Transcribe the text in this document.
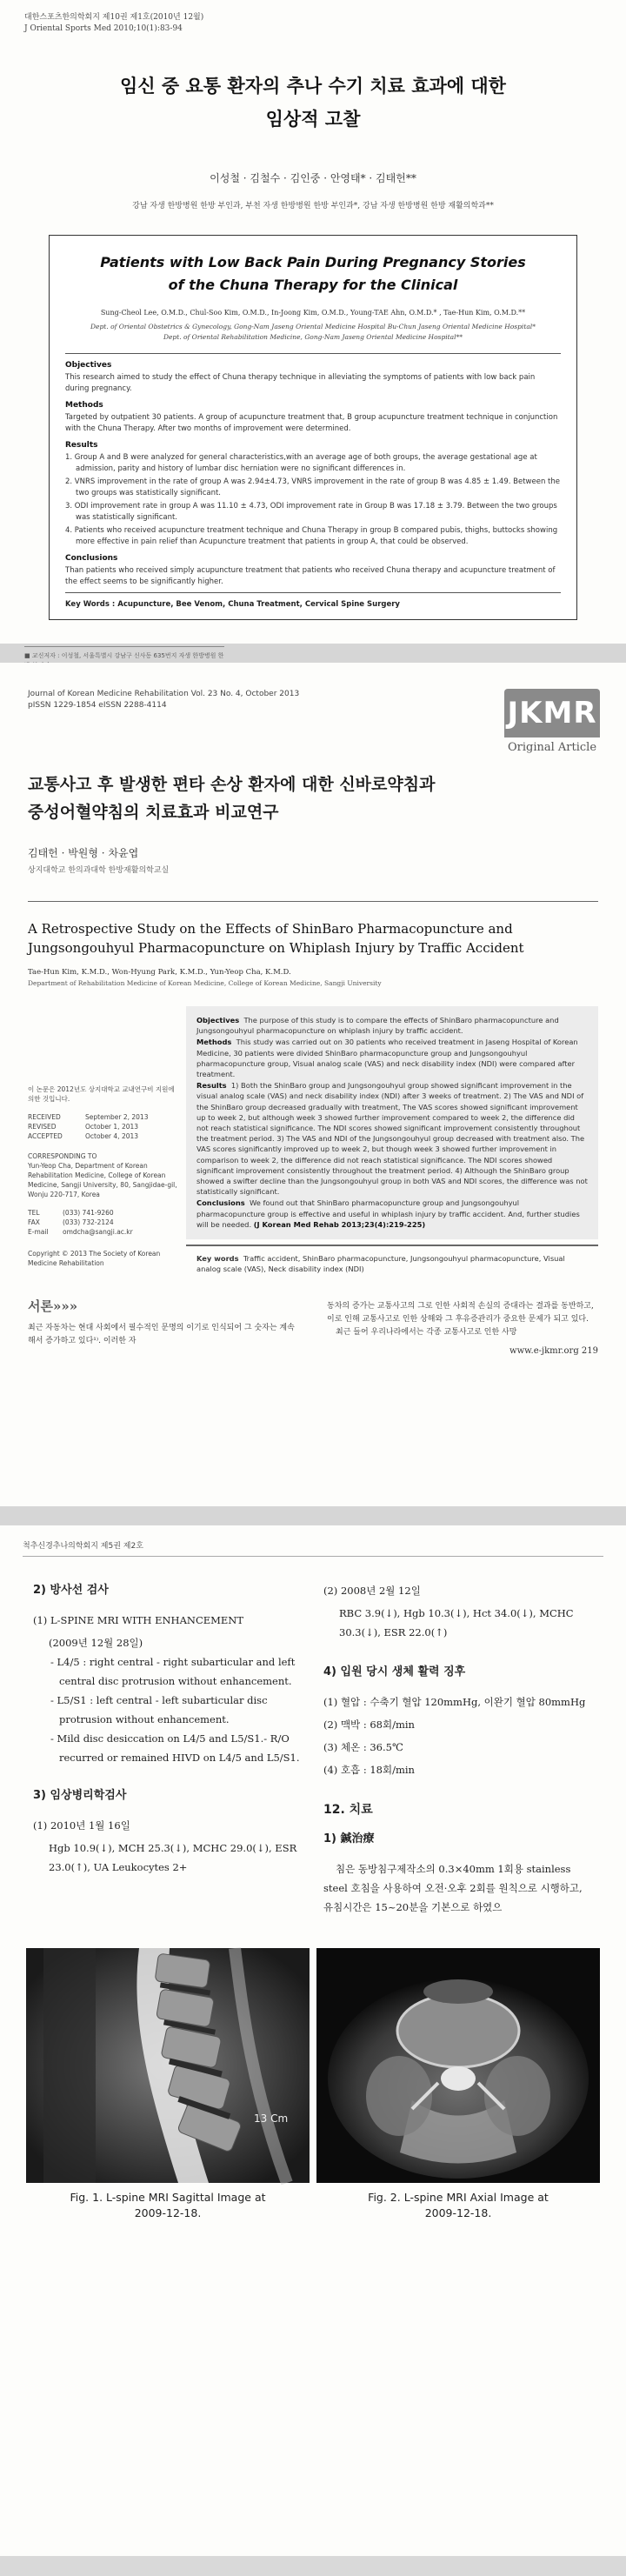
대한스포츠한의학회지 제10권 제1호(2010년 12월)
J Oriental Sports Med 2010;10(1):83-94
임신 중 요통 환자의 추나 수기 치료 효과에 대한
임상적 고찰
이성철 · 김철수 · 김인중 · 안영태* · 김태헌**
강남 자생 한방병원 한방 부인과, 부천 자생 한방병원 한방 부인과*, 강남 자생 한방병원 한방 재활의학과**
Patients with Low Back Pain During Pregnancy Stories
of the Chuna Therapy for the Clinical
Sung-Cheol Lee, O.M.D., Chul-Soo Kim, O.M.D., In-Joong Kim, O.M.D., Young-TAE Ahn, O.M.D.* , Tae-Hun Kim, O.M.D.**
Dept. of Oriental Obstetrics & Gynecology, Gong-Nam Jaseng Oriental Medicine Hospital Bu-Chun Jaseng Oriental Medicine Hospital*
Dept. of Oriental Rehabilitation Medicine, Gong-Nam Jaseng Oriental Medicine Hospital**
Objectives
This research aimed to study the effect of Chuna therapy technique in alleviating the symptoms of patients with low back pain during pregnancy.
Methods
Targeted by outpatient 30 patients. A group of acupuncture treatment that, B group acupuncture treatment technique in conjunction with the Chuna Therapy. After two months of improvement were determined.
Results
1. Group A and B were analyzed for general characteristics,with an average age of both groups, the average gestational age at admission, parity and history of lumbar disc herniation were no significant differences in.
2. VNRS improvement in the rate of group A was 2.94±4.73, VNRS improvement in the rate of group B was 4.85 ± 1.49. Between the two groups was statistically significant.
3. ODI improvement rate in group A was 11.10 ± 4.73, ODI improvement rate in Group B was 17.18 ± 3.79. Between the two groups was statistically significant.
4. Patients who received acupuncture treatment technique and Chuna Therapy in group B compared pubis, thighs, buttocks showing more effective in pain relief than Acupuncture treatment that patients in group A, that could be observed.
Conclusions
Than patients who received simply acupuncture treatment that patients who received Chuna therapy and acupuncture treatment of the effect seems to be significantly higher.
Key Words : Acupuncture, Bee Venom, Chuna Treatment, Cervical Spine Surgery
■ 교신저자 : 이성철, 서울특별시 강남구 신사동 635번지 자생 한방병원 한
Journal of Korean Medicine Rehabilitation Vol. 23 No. 4, October 2013
pISSN 1229-1854 eISSN 2288-4114	JKMR
Original Article
교통사고 후 발생한 편타 손상 환자에 대한 신바로약침과
중성어혈약침의 치료효과 비교연구
김태헌 · 박원형 · 차윤엽
상지대학교 한의과대학 한방재활의학교실
A Retrospective Study on the Effects of ShinBaro Pharmacopuncture and
Jungsongouhyul Pharmacopuncture on Whiplash Injury by Traffic Accident
Tae-Hun Kim, K.M.D., Won-Hyung Park, K.M.D., Yun-Yeop Cha, K.M.D.
Department of Rehabilitation Medicine of Korean Medicine, College of Korean Medicine, Sangji University
이 논문은 2012년도 상지대학교 교내연구비 지원에 의한 것입니다.
RECEIVED	September 2, 2013
REVISED	October 1, 2013
ACCEPTED	October 4, 2013
CORRESPONDING TO
Yun-Yeop Cha, Department of Korean Rehabilitation Medicine, College of Korean Medicine, Sangji University, 80, Sangjidae-gil, Wonju 220-717, Korea
TEL	(033) 741-9260
FAX	(033) 732-2124
E-mail	omdcha@sangji.ac.kr
Copyright © 2013 The Society of Korean Medicine Rehabilitation

Objectives The purpose of this study is to compare the effects of ShinBaro pharmacopuncture and Jungsongouhyul pharmacopuncture on whiplash injury by traffic accident.

Methods This study was carried out on 30 patients who received treatment in Jaseng Hospital of Korean Medicine, 30 patients were divided ShinBaro pharmacopuncture group and Jungsongouhyul pharmacopuncture group, Visual analog scale (VAS) and neck disability index (NDI) were compared after treatment.

Results 1) Both the ShinBaro group and Jungsongouhyul group showed significant improvement in the visual analog scale (VAS) and neck disability index (NDI) after 3 weeks of treatment. 2) The VAS and NDI of the ShinBaro group decreased gradually with treatment, The VAS scores showed significant improvement up to week 2, but although week 3 showed further improvement compared to week 2, the difference did not reach statistical significance. The NDI scores showed significant improvement consistently throughout the treatment period. 3) The VAS and NDI of the Jungsongouhyul group decreased with treatment also. The VAS scores significantly improved up to week 2, but though week 3 showed further improvement in comparison to week 2, the difference did not reach statistical significance. The NDI scores showed significant improvement consistently throughout the treatment period. 4) Although the ShinBaro group showed a swifter decline than the Jungsongouhyul group in both VAS and NDI scores, the difference was not statistically significant.

Conclusions We found out that ShinBaro pharmacopuncture group and Jungsongouhyul pharmacopuncture group is effective and useful in whiplash injury by traffic accident. And, further studies will be needed. (J Korean Med Rehab 2013;23(4):219-225)

Key words Traffic accident, ShinBaro pharmacopuncture, Jungsongouhyul pharmacopuncture, Visual analog scale (VAS), Neck disability index (NDI)
서론»»»
최근 자동차는 현대 사회에서 필수적인 문명의 이기로 인식되어 그 숫자는 계속해서 증가하고 있다¹⁾. 이러한 자
동차의 증가는 교통사고의 그로 인한 사회적 손실의 증대라는 결과를 동반하고, 이로 인해 교통사고로 인한 상해와 그 후유증관리가 중요한 문제가 되고 있다.
최근 들어 우리나라에서는 각종 교통사고로 인한 사망
www.e-jkmr.org 219
척추신경추나의학회지 제5권 제2호
2) 방사선 검사
(1) L-SPINE MRI WITH ENHANCEMENT
(2009년 12월 28일)
- L4/5 : right central - right subarticular and left central disc protrusion without enhancement.
- L5/S1 : left central - left subarticular disc protrusion without enhancement.
- Mild disc desiccation on L4/5 and L5/S1.- R/O recurred or remained HIVD on L4/5 and L5/S1.
3) 임상병리학검사
(1) 2010년 1월 16일
Hgb 10.9(↓), MCH 25.3(↓), MCHC 29.0(↓), ESR 23.0(↑), UA Leukocytes 2+
(2) 2008년 2월 12일
RBC 3.9(↓), Hgb 10.3(↓), Hct 34.0(↓), MCHC 30.3(↓), ESR 22.0(↑)
4) 입원 당시 생체 활력 징후
(1) 혈압 : 수축기 혈압 120mmHg, 이완기 혈압 80mmHg
(2) 맥박 : 68회/min
(3) 체온 : 36.5℃
(4) 호흡 : 18회/min
12. 치료
1) 鍼治療
침은 동방침구제작소의 0.3×40mm 1회용 stainless steel 호침을 사용하여 오전·오후 2회를 원칙으로 시행하고, 유침시간은 15~20분을 기본으로 하였으
13 Cm
Fig. 1. L-spine MRI Sagittal Image at
2009-12-18.
Fig. 2. L-spine MRI Axial Image at
2009-12-18.
